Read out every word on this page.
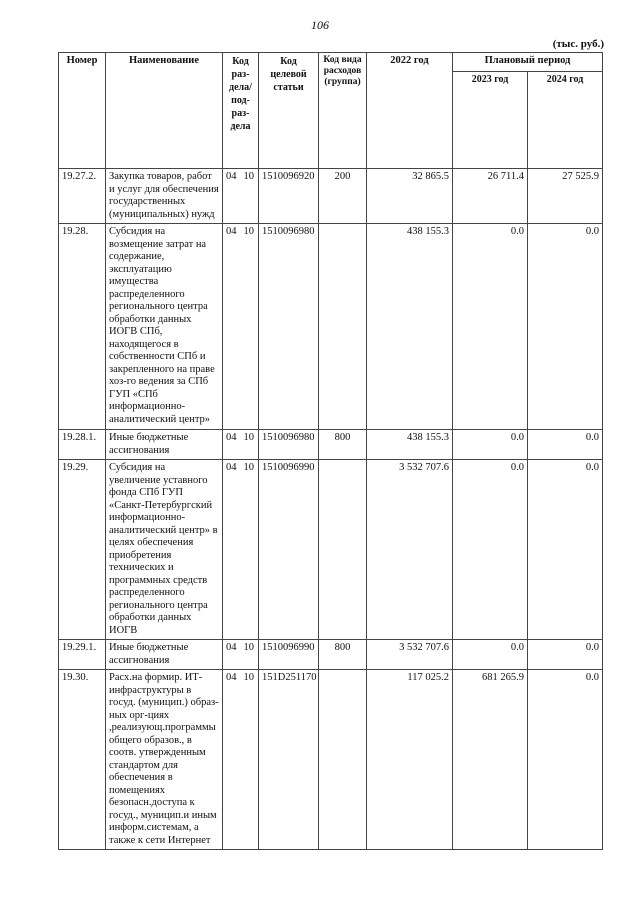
106
(тыс. руб.)
Номер	Наименование	Код раз-дела/под-раз-дела	Код целевой статьи	Код вида расходов (группа)	2022 год	Плановый период	
						2023 год	2024 год
19.27.2.	Закупка товаров, работ и услуг для обеспечения государственных (муниципальных) нужд	04 10	1510096920	200	32 865.5	26 711.4	27 525.9
19.28.	Субсидия на возмещение затрат на содержание, эксплуатацию имущества распределенного регионального центра обработки данных ИОГВ СПб, находящегося в собственности СПб и закрепленного на праве хоз-го ведения за СПб ГУП «СПб информационно-аналитический центр»	04 10	1510096980		438 155.3	0.0	0.0
19.28.1.	Иные бюджетные ассигнования	04 10	1510096980	800	438 155.3	0.0	0.0
19.29.	Субсидия на увеличение уставного фонда СПб ГУП «Санкт-Петербургский информационно-аналитический центр» в целях обеспечения приобретения технических и программных средств распределенного регионального центра обработки данных ИОГВ	04 10	1510096990		3 532 707.6	0.0	0.0
19.29.1.	Иные бюджетные ассигнования	04 10	1510096990	800	3 532 707.6	0.0	0.0
19.30.	Расх.на формир. ИТ-инфраструктуры в госуд. (муницип.) образ-ных орг-циях ,реализующ.программы общего образов., в соотв. утвержденным стандартом для обеспечения в помещениях безопасн.доступа к госуд., муницип.и иным информ.системам, а также к сети Интернет	04 10	151D251170		117 025.2	681 265.9	0.0
